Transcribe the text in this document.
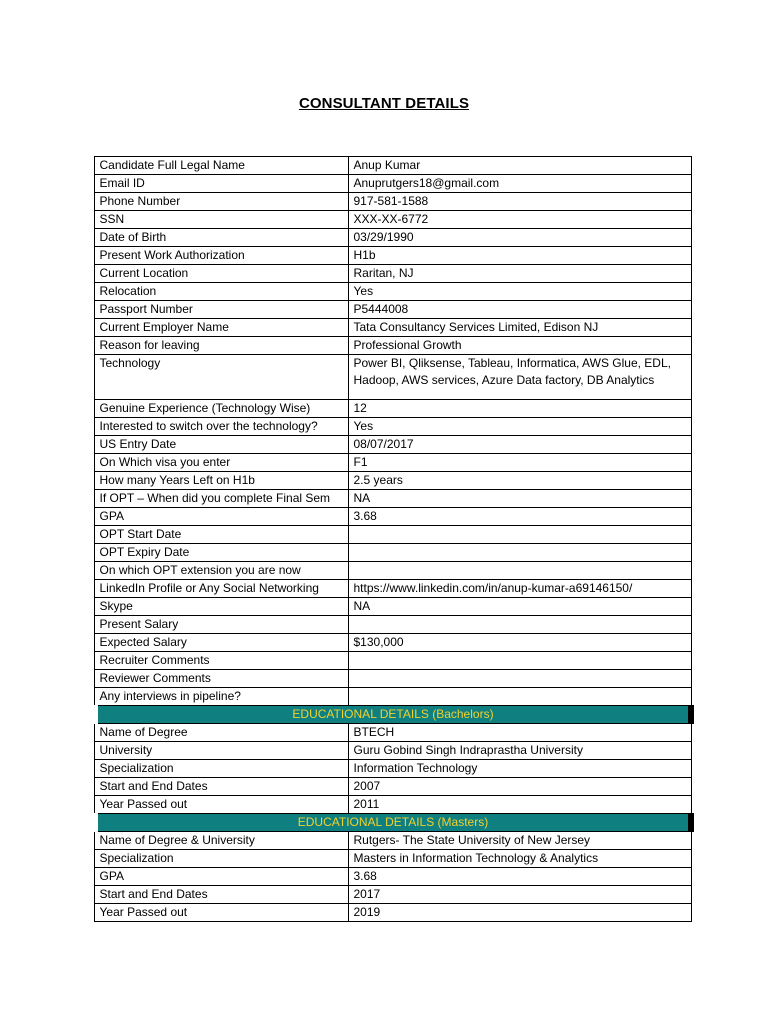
CONSULTANT DETAILS
Candidate Full Legal Name	Anup Kumar
Email ID	Anuprutgers18@gmail.com
Phone Number	917-581-1588
SSN	XXX-XX-6772
Date of Birth	03/29/1990
Present Work Authorization	H1b
Current Location	Raritan, NJ
Relocation	Yes
Passport Number	P5444008
Current Employer Name	Tata Consultancy Services Limited, Edison NJ
Reason for leaving	Professional Growth
Technology	Power BI, Qliksense, Tableau, Informatica, AWS Glue, EDL, Hadoop, AWS services, Azure Data factory, DB Analytics
Genuine Experience (Technology Wise)	12
Interested to switch over the technology?	Yes
US Entry Date	08/07/2017
On Which visa you enter	F1
How many Years Left on H1b	2.5 years
If OPT – When did you complete Final Sem	NA
GPA	3.68
OPT Start Date	
OPT Expiry Date	
On which OPT extension you are now	
LinkedIn Profile or Any Social Networking	https://www.linkedin.com/in/anup-kumar-a69146150/
Skype	NA
Present Salary	
Expected Salary	$130,000
Recruiter Comments	
Reviewer Comments	
Any interviews in pipeline?	
EDUCATIONAL DETAILS (Bachelors)	
Name of Degree	BTECH
University	Guru Gobind Singh Indraprastha University
Specialization	Information Technology
Start and End Dates	2007
Year Passed out	2011
EDUCATIONAL DETAILS (Masters)	
Name of Degree & University	Rutgers- The State University of New Jersey
Specialization	Masters in Information Technology & Analytics
GPA	3.68
Start and End Dates	2017
Year Passed out	2019
